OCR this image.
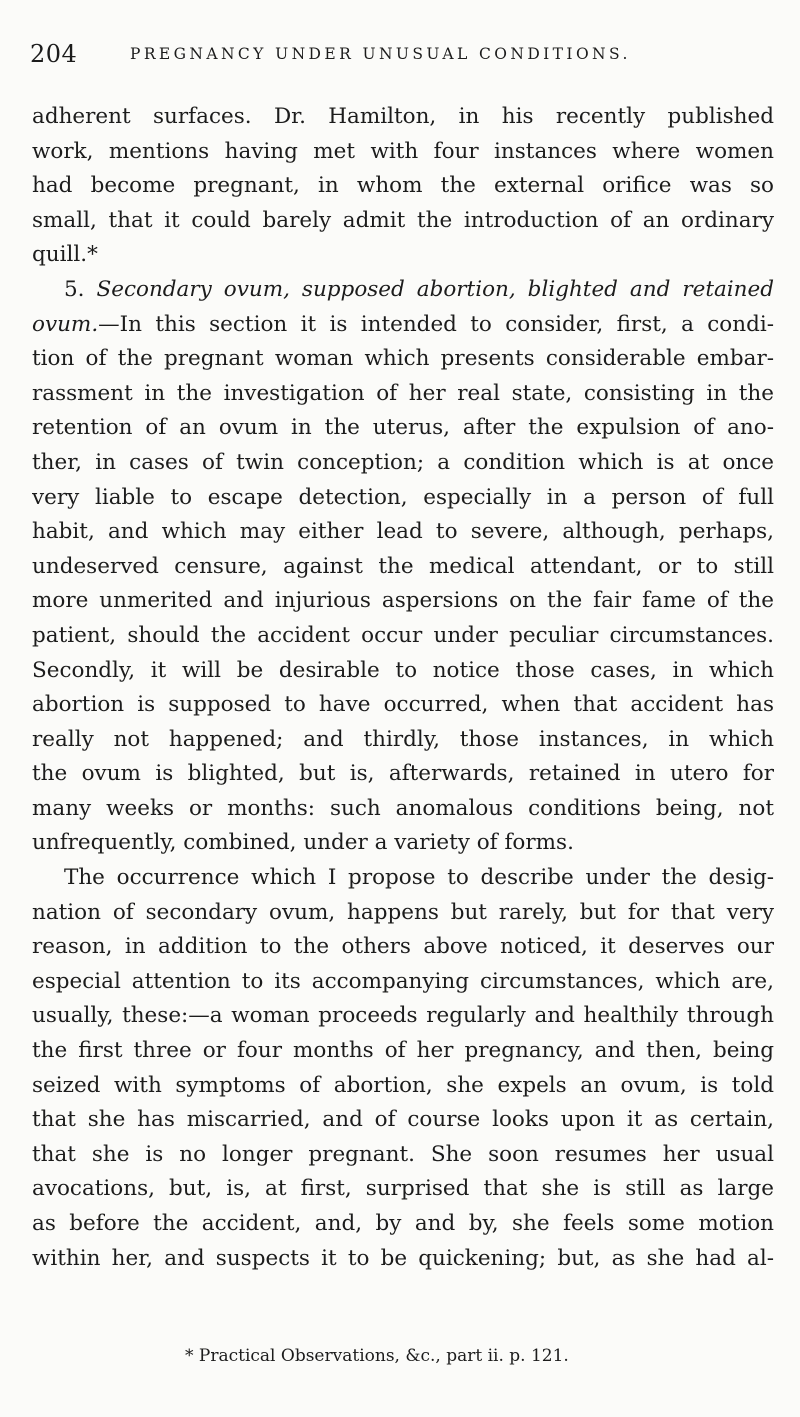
204	PREGNANCY UNDER UNUSUAL CONDITIONS.
adherent surfaces. Dr. Hamilton, in his recently published
work, mentions having met with four instances where women
had become pregnant, in whom the external orifice was so
small, that it could barely admit the introduction of an ordinary
quill.*
5. Secondary ovum, supposed abortion, blighted and retained
ovum.—In this section it is intended to consider, first, a condi-
tion of the pregnant woman which presents considerable embar-
rassment in the investigation of her real state, consisting in the
retention of an ovum in the uterus, after the expulsion of ano-
ther, in cases of twin conception; a condition which is at once
very liable to escape detection, especially in a person of full
habit, and which may either lead to severe, although, perhaps,
undeserved censure, against the medical attendant, or to still
more unmerited and injurious aspersions on the fair fame of the
patient, should the accident occur under peculiar circumstances.
Secondly, it will be desirable to notice those cases, in which
abortion is supposed to have occurred, when that accident has
really not happened; and thirdly, those instances, in which
the ovum is blighted, but is, afterwards, retained in utero for
many weeks or months: such anomalous conditions being, not
unfrequently, combined, under a variety of forms.
The occurrence which I propose to describe under the desig-
nation of secondary ovum, happens but rarely, but for that very
reason, in addition to the others above noticed, it deserves our
especial attention to its accompanying circumstances, which are,
usually, these:—a woman proceeds regularly and healthily through
the first three or four months of her pregnancy, and then, being
seized with symptoms of abortion, she expels an ovum, is told
that she has miscarried, and of course looks upon it as certain,
that she is no longer pregnant. She soon resumes her usual
avocations, but, is, at first, surprised that she is still as large
as before the accident, and, by and by, she feels some motion
within her, and suspects it to be quickening; but, as she had al-
* Practical Observations, &c., part ii. p. 121.
